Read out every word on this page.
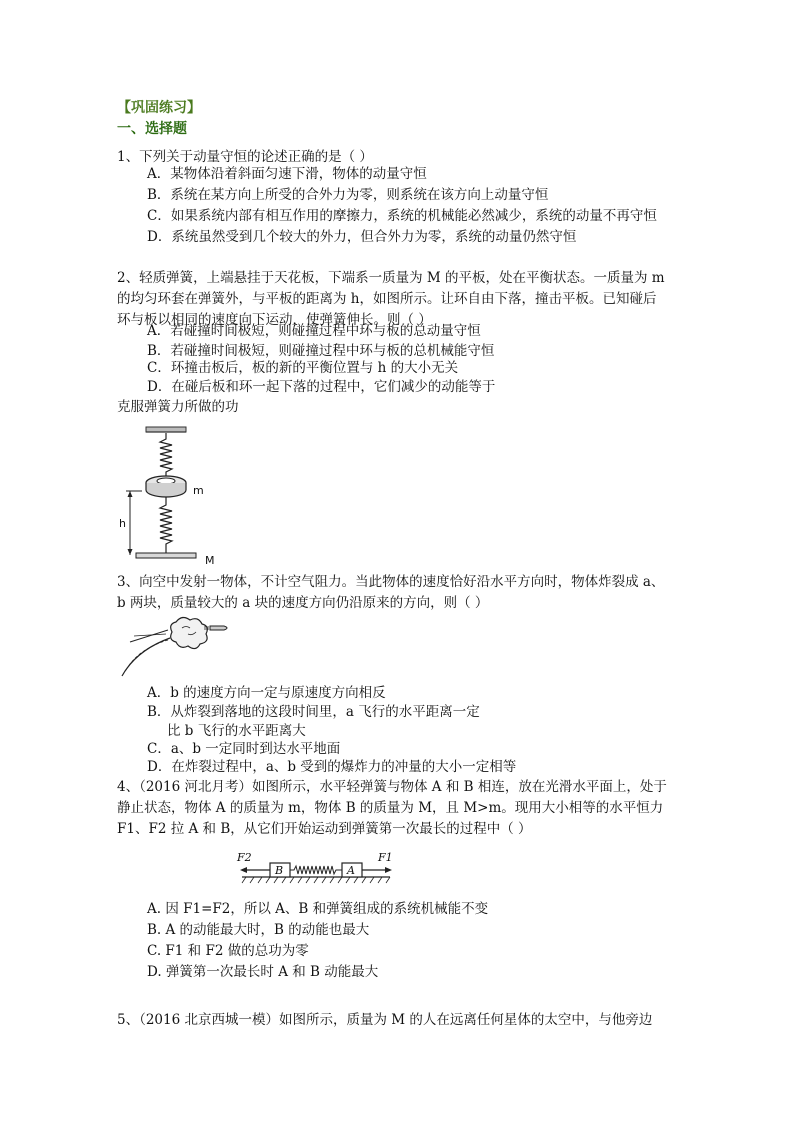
【巩固练习】
一、选择题
1、下列关于动量守恒的论述正确的是（ ）
A．某物体沿着斜面匀速下滑，物体的动量守恒
B．系统在某方向上所受的合外力为零，则系统在该方向上动量守恒
C．如果系统内部有相互作用的摩擦力，系统的机械能必然减少，系统的动量不再守恒
D．系统虽然受到几个较大的外力，但合外力为零，系统的动量仍然守恒
2、轻质弹簧，上端悬挂于天花板，下端系一质量为 M 的平板，处在平衡状态。一质量为 m
的均匀环套在弹簧外，与平板的距离为 h，如图所示。让环自由下落，撞击平板。已知碰后
环与板以相同的速度向下运动，使弹簧伸长。则（ ）
A．若碰撞时间极短，则碰撞过程中环与板的总动量守恒
B．若碰撞时间极短，则碰撞过程中环与板的总机械能守恒
C．环撞击板后，板的新的平衡位置与 h 的大小无关
D．在碰后板和环一起下落的过程中，它们减少的动能等于
克服弹簧力所做的功
m
h
M
3、向空中发射一物体，不计空气阻力。当此物体的速度恰好沿水平方向时，物体炸裂成 a、
b 两块，质量较大的 a 块的速度方向仍沿原来的方向，则（ ）
A．b 的速度方向一定与原速度方向相反
B．从炸裂到落地的这段时间里，a 飞行的水平距离一定
比 b 飞行的水平距离大
C．a、b 一定同时到达水平地面
D．在炸裂过程中，a、b 受到的爆炸力的冲量的大小一定相等
4、（2016 河北月考）如图所示，水平轻弹簧与物体 A 和 B 相连，放在光滑水平面上，处于
静止状态，物体 A 的质量为 m，物体 B 的质量为 M，且 M>m。现用大小相等的水平恒力
F1、F2 拉 A 和 B，从它们开始运动到弹簧第一次最长的过程中（ ）
F2
B	A
F1
A. 因 F1=F2，所以 A、B 和弹簧组成的系统机械能不变
B. A 的动能最大时，B 的动能也最大
C. F1 和 F2 做的总功为零
D. 弹簧第一次最长时 A 和 B 动能最大
5、（2016 北京西城一模）如图所示，质量为 M 的人在远离任何星体的太空中，与他旁边
